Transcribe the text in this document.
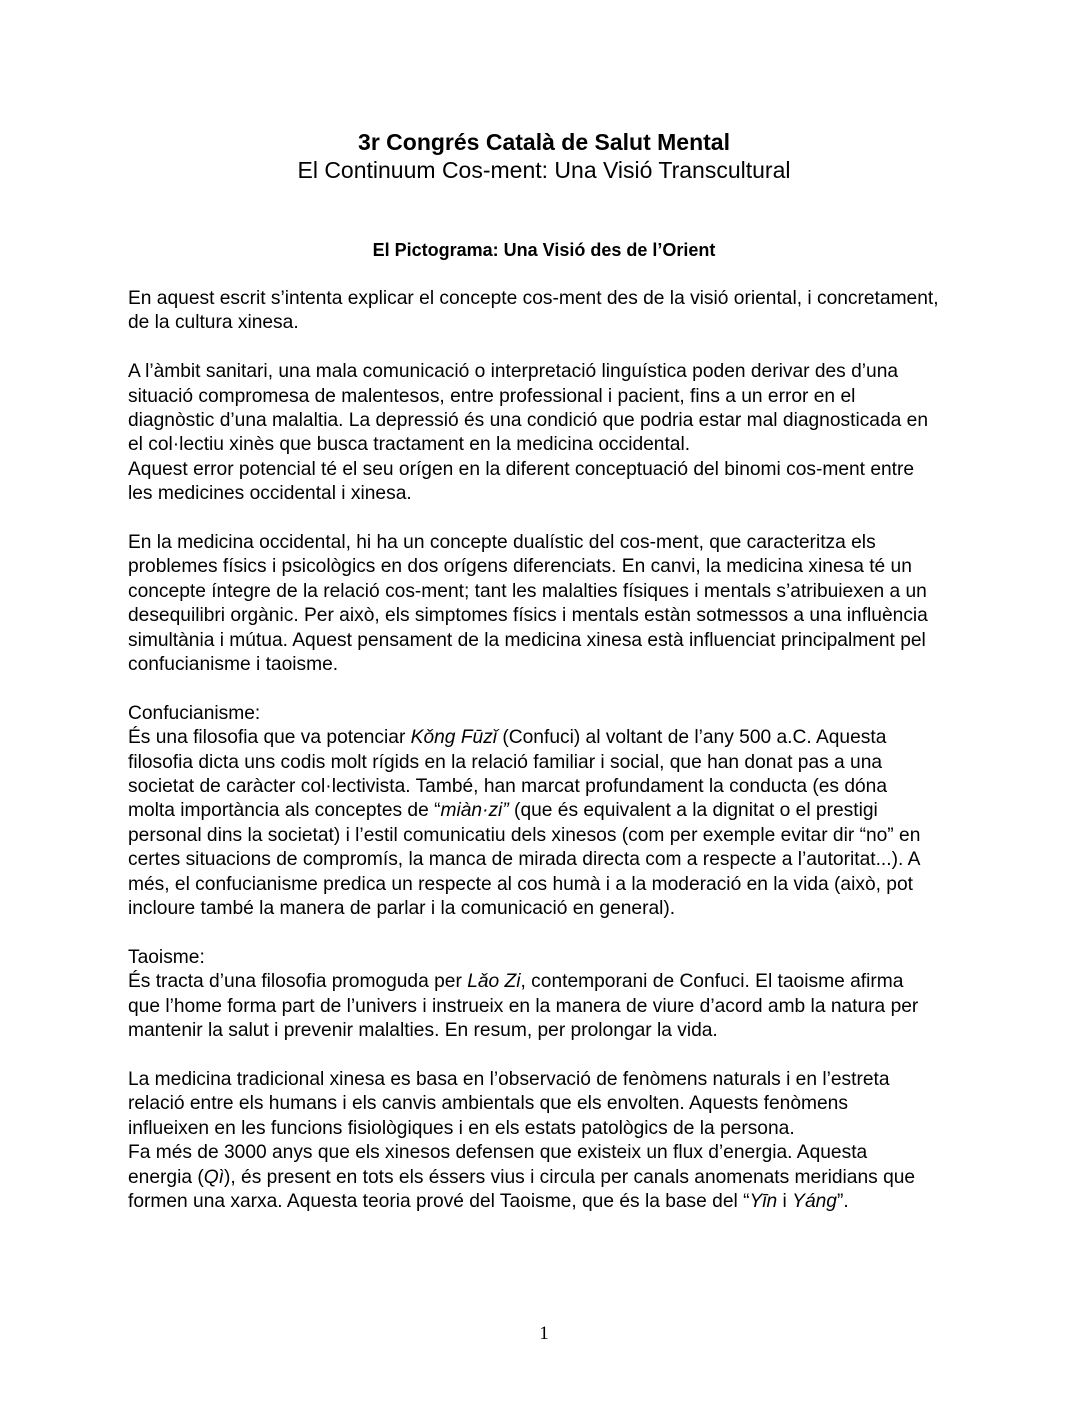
3r Congrés Català de Salut Mental
El Continuum Cos-ment: Una Visió Transcultural
El Pictograma: Una Visió des de l’Orient

En aquest escrit s’intenta explicar el concepte cos-ment des de la visió oriental, i concretament,
de la cultura xinesa.

A l’àmbit sanitari, una mala comunicació o interpretació linguística poden derivar des d’una
situació compromesa de malentesos, entre professional i pacient, fins a un error en el
diagnòstic d’una malaltia. La depressió és una condició que podria estar mal diagnosticada en
el col·lectiu xinès que busca tractament en la medicina occidental.

Aquest error potencial té el seu orígen en la diferent conceptuació del binomi cos-ment entre
les medicines occidental i xinesa.

En la medicina occidental, hi ha un concepte dualístic del cos-ment, que caracteritza els
problemes físics i psicològics en dos orígens diferenciats. En canvi, la medicina xinesa té un
concepte íntegre de la relació cos-ment; tant les malalties físiques i mentals s’atribuiexen a un
desequilibri orgànic. Per això, els simptomes físics i mentals estàn sotmessos a una influència
simultània i mútua. Aquest pensament de la medicina xinesa està influenciat principalment pel
confucianisme i taoisme.

Confucianisme:
És una filosofia que va potenciar Kǒng Fūzǐ (Confuci) al voltant de l’any 500 a.C. Aquesta
filosofia dicta uns codis molt rígids en la relació familiar i social, que han donat pas a una
societat de caràcter col·lectivista. També, han marcat profundament la conducta (es dóna
molta importància als conceptes de “miàn·zi” (que és equivalent a la dignitat o el prestigi
personal dins la societat) i l’estil comunicatiu dels xinesos (com per exemple evitar dir “no” en
certes situacions de compromís, la manca de mirada directa com a respecte a l’autoritat...). A
més, el confucianisme predica un respecte al cos humà i a la moderació en la vida (això, pot
incloure també la manera de parlar i la comunicació en general).

Taoisme:
És tracta d’una filosofia promoguda per Lǎo Zi, contemporani de Confuci. El taoisme afirma
que l’home forma part de l’univers i instrueix en la manera de viure d’acord amb la natura per
mantenir la salut i prevenir malalties. En resum, per prolongar la vida.

La medicina tradicional xinesa es basa en l’observació de fenòmens naturals i en l’estreta
relació entre els humans i els canvis ambientals que els envolten. Aquests fenòmens
influeixen en les funcions fisiològiques i en els estats patològics de la persona.

Fa més de 3000 anys que els xinesos defensen que existeix un flux d’energia. Aquesta
energia (Qì), és present en tots els éssers vius i circula per canals anomenats meridians que
formen una xarxa. Aquesta teoria prové del Taoisme, que és la base del “Yīn i Yáng”.

1
